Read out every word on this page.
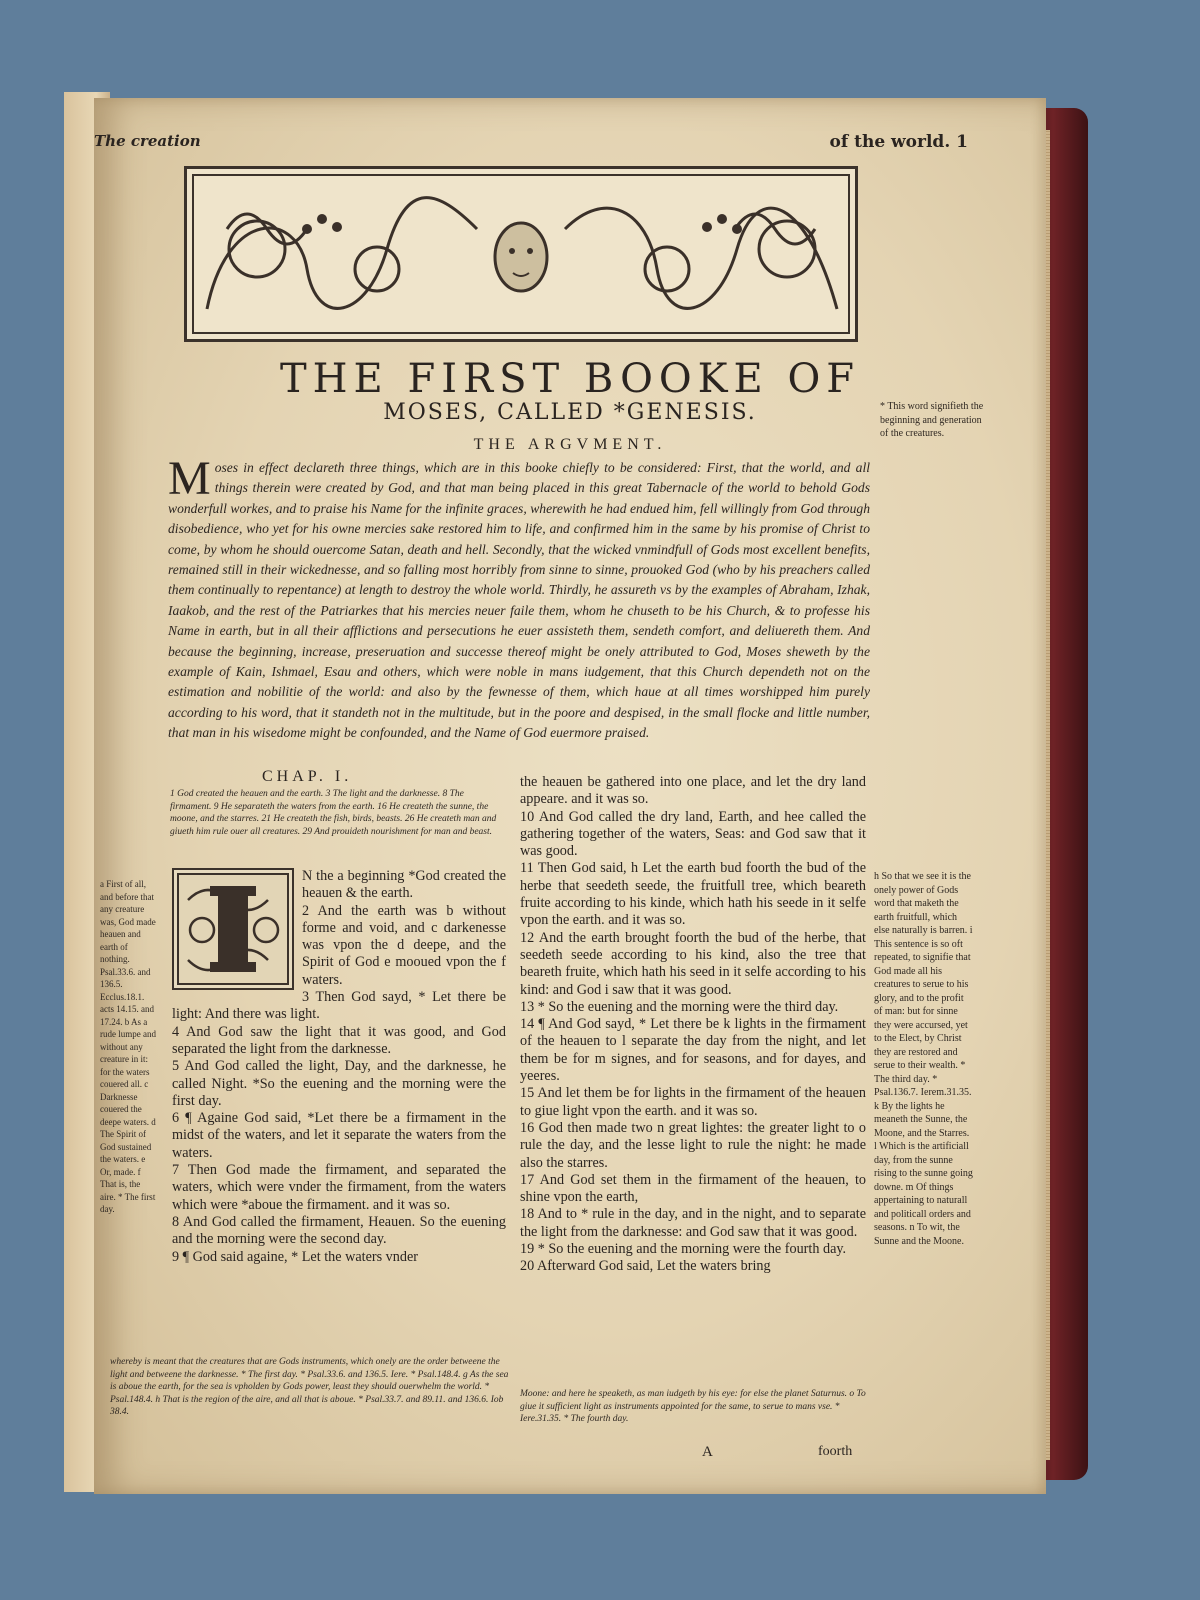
The creation	of the world. 1
THE FIRST BOOKE OF
MOSES, CALLED *GENESIS.
THE ARGVMENT.
M oses in effect declareth three things, which are in this booke chiefly to be considered: First, that the world, and all things therein were created by God, and that man being placed in this great Tabernacle of the world to behold Gods wonderfull workes, and to praise his Name for the infinite graces, wherewith he had endued him, fell willingly from God through disobedience, who yet for his owne mercies sake restored him to life, and confirmed him in the same by his promise of Christ to come, by whom he should ouercome Satan, death and hell. Secondly, that the wicked vnmindfull of Gods most excellent benefits, remained still in their wickednesse, and so falling most horribly from sinne to sinne, prouoked God (who by his preachers called them continually to repentance) at length to destroy the whole world. Thirdly, he assureth vs by the examples of Abraham, Izhak, Iaakob, and the rest of the Patriarkes that his mercies neuer faile them, whom he chuseth to be his Church, & to professe his Name in earth, but in all their afflictions and persecutions he euer assisteth them, sendeth comfort, and deliuereth them. And because the beginning, increase, preseruation and successe thereof might be onely attributed to God, Moses sheweth by the example of Kain, Ishmael, Esau and others, which were noble in mans iudgement, that this Church dependeth not on the estimation and nobilitie of the world: and also by the fewnesse of them, which haue at all times worshipped him purely according to his word, that it standeth not in the multitude, but in the poore and despised, in the small flocke and little number, that man in his wisedome might be confounded, and the Name of God euermore praised.
* This word signifieth the beginning and generation of the creatures.
h So that we see it is the onely power of Gods word that maketh the earth fruitfull, which else naturally is barren. i This sentence is so oft repeated, to signifie that God made all his creatures to serue to his glory, and to the profit of man: but for sinne they were accursed, yet to the Elect, by Christ they are restored and serue to their wealth. * The third day. * Psal.136.7. Ierem.31.35. k By the lights he meaneth the Sunne, the Moone, and the Starres. l Which is the artificiall day, from the sunne rising to the sunne going downe. m Of things appertaining to naturall and politicall orders and seasons. n To wit, the Sunne and the Moone.
a First of all, and before that any creature was, God made heauen and earth of nothing. Psal.33.6. and 136.5. Ecclus.18.1. acts 14.15. and 17.24. b As a rude lumpe and without any creature in it: for the waters couered all. c Darknesse couered the deepe waters. d The Spirit of God sustained the waters. e Or, made. f That is, the aire. * The first day.
CHAP. I.
1 God created the heauen and the earth. 3 The light and the darknesse. 8 The firmament. 9 He separateth the waters from the earth. 16 He createth the sunne, the moone, and the starres. 21 He createth the fish, birds, beasts. 26 He createth man and giueth him rule ouer all creatures. 29 And prouideth nourishment for man and beast.

N the a beginning *God created the heauen & the earth.

2 And the earth was b without forme and void, and c darkenesse was vpon the d deepe, and the Spirit of God e mooued vpon the f waters.

3 Then God sayd, * Let there be light: And there was light.

4 And God saw the light that it was good, and God separated the light from the darknesse.

5 And God called the light, Day, and the darknesse, he called Night. *So the euening and the morning were the first day.

6 ¶ Againe God said, *Let there be a firmament in the midst of the waters, and let it separate the waters from the waters.

7 Then God made the firmament, and separated the waters, which were vnder the firmament, from the waters which were *aboue the firmament. and it was so.

8 And God called the firmament, Heauen. So the euening and the morning were the second day.

9 ¶ God said againe, * Let the waters vnder

the heauen be gathered into one place, and let the dry land appeare. and it was so.

10 And God called the dry land, Earth, and hee called the gathering together of the waters, Seas: and God saw that it was good.

11 Then God said, h Let the earth bud foorth the bud of the herbe that seedeth seede, the fruitfull tree, which beareth fruite according to his kinde, which hath his seede in it selfe vpon the earth. and it was so.

12 And the earth brought foorth the bud of the herbe, that seedeth seede according to his kind, also the tree that beareth fruite, which hath his seed in it selfe according to his kind: and God i saw that it was good.

13 * So the euening and the morning were the third day.

14 ¶ And God sayd, * Let there be k lights in the firmament of the heauen to l separate the day from the night, and let them be for m signes, and for seasons, and for dayes, and yeeres.

15 And let them be for lights in the firmament of the heauen to giue light vpon the earth. and it was so.

16 God then made two n great lightes: the greater light to o rule the day, and the lesse light to rule the night: he made also the starres.

17 And God set them in the firmament of the heauen, to shine vpon the earth,

18 And to * rule in the day, and in the night, and to separate the light from the darknesse: and God saw that it was good.

19 * So the euening and the morning were the fourth day.

20 Afterward God said, Let the waters bring

whereby is meant that the creatures that are Gods instruments, which onely are the order betweene the light and betweene the darknesse. * The first day. * Psal.33.6. and 136.5. Iere. * Psal.148.4. g As the sea is aboue the earth, for the sea is vpholden by Gods power, least they should ouerwhelm the world. * Psal.148.4. h That is the region of the aire, and all that is aboue. * Psal.33.7. and 89.11. and 136.6. Iob 38.4.
Moone: and here he speaketh, as man iudgeth by his eye: for else the planet Saturnus. o To giue it sufficient light as instruments appointed for the same, to serue to mans vse. * Iere.31.35. * The fourth day.
A	foorth
